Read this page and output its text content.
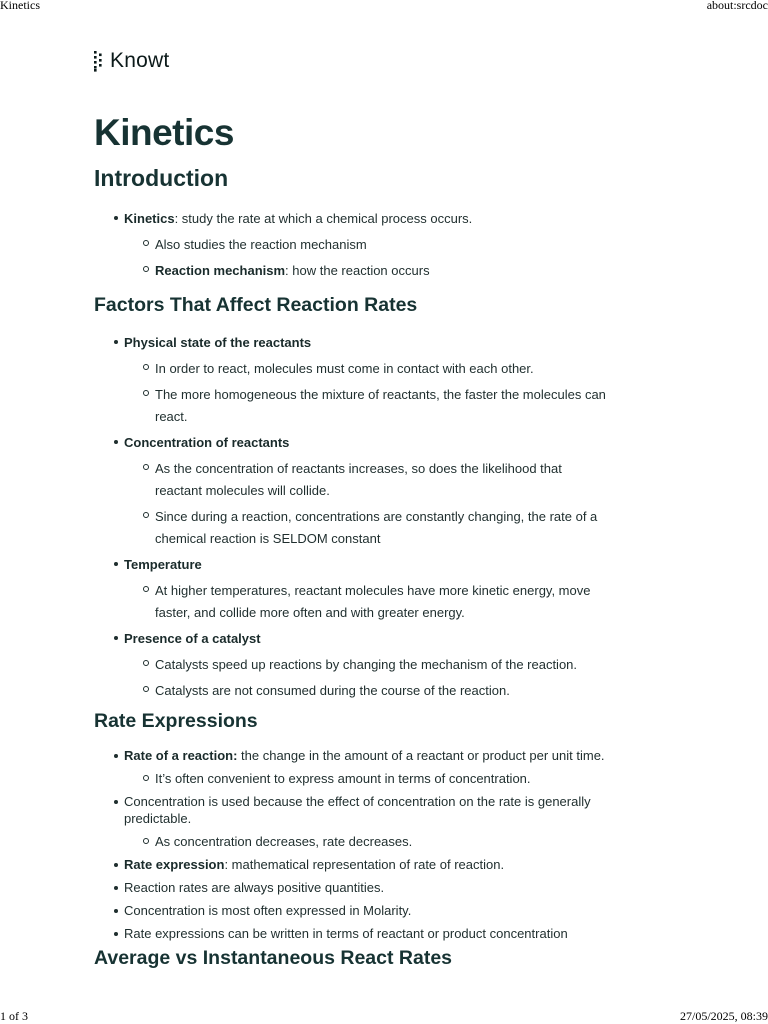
Kinetics	about:srcdoc
Knowt
Kinetics
Introduction
Kinetics: study the rate at which a chemical process occurs.
Also studies the reaction mechanism
Reaction mechanism: how the reaction occurs
Factors That Affect Reaction Rates
Physical state of the reactants
In order to react, molecules must come in contact with each other.
The more homogeneous the mixture of reactants, the faster the molecules can react.
Concentration of reactants
As the concentration of reactants increases, so does the likelihood that reactant molecules will collide.
Since during a reaction, concentrations are constantly changing, the rate of a chemical reaction is SELDOM constant
Temperature
At higher temperatures, reactant molecules have more kinetic energy, move faster, and collide more often and with greater energy.
Presence of a catalyst
Catalysts speed up reactions by changing the mechanism of the reaction.
Catalysts are not consumed during the course of the reaction.
Rate Expressions
Rate of a reaction: the change in the amount of a reactant or product per unit time.
It’s often convenient to express amount in terms of concentration.
Concentration is used because the effect of concentration on the rate is generally predictable.
As concentration decreases, rate decreases.
Rate expression: mathematical representation of rate of reaction.
Reaction rates are always positive quantities.
Concentration is most often expressed in Molarity.
Rate expressions can be written in terms of reactant or product concentration
Average vs Instantaneous React Rates
1 of 3	27/05/2025, 08:39
